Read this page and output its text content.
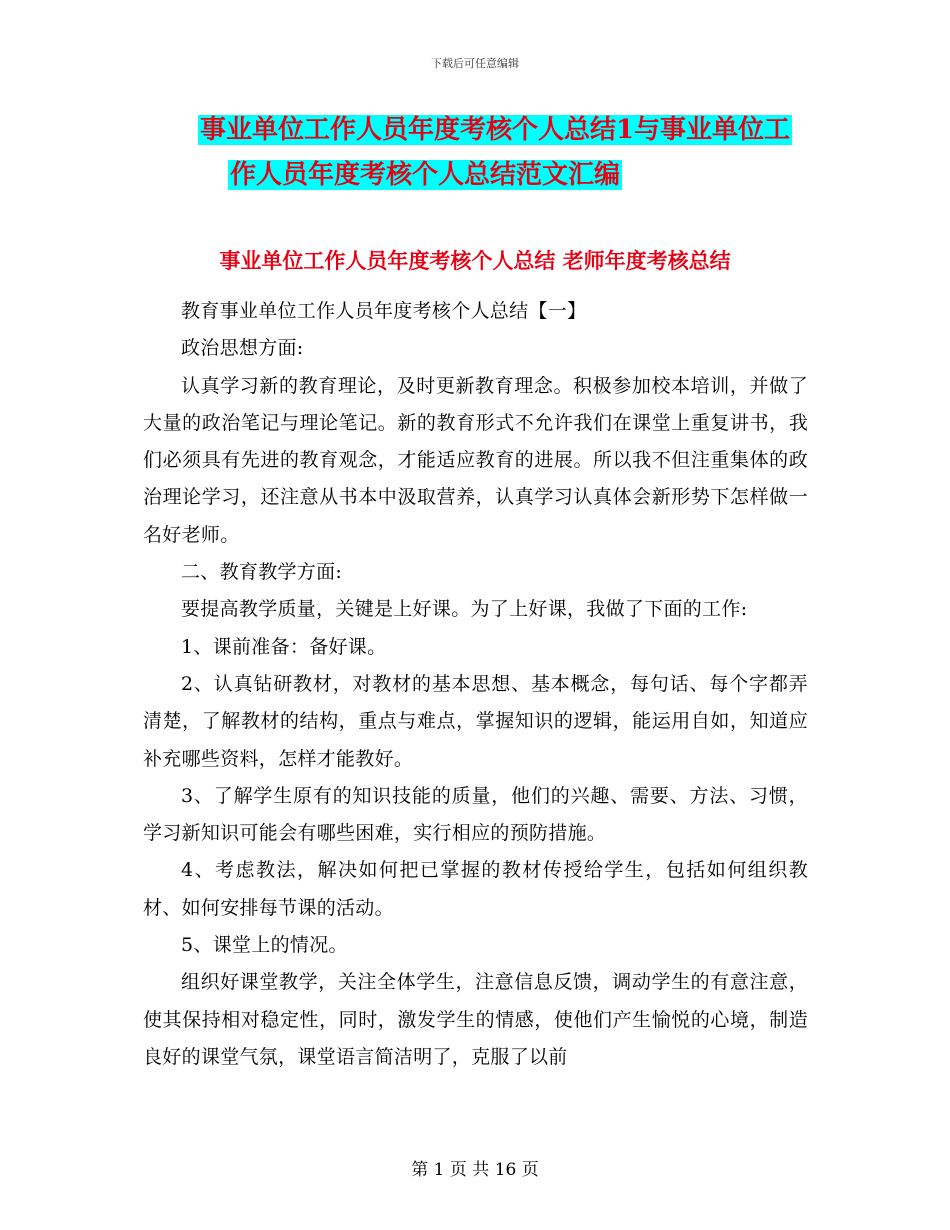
下载后可任意编辑
事业单位工作人员年度考核个人总结1与事业单位工
作人员年度考核个人总结范文汇编
事业单位工作人员年度考核个人总结 老师年度考核总结

教育事业单位工作人员年度考核个人总结【一】

政治思想方面:

认真学习新的教育理论，及时更新教育理念。积极参加校本培训，并做了大量的政治笔记与理论笔记。新的教育形式不允许我们在课堂上重复讲书，我们必须具有先进的教育观念，才能适应教育的进展。所以我不但注重集体的政治理论学习，还注意从书本中汲取营养，认真学习认真体会新形势下怎样做一名好老师。

二、教育教学方面:

要提高教学质量，关键是上好课。为了上好课，我做了下面的工作:

1、课前准备：备好课。

2、认真钻研教材，对教材的基本思想、基本概念，每句话、每个字都弄清楚，了解教材的结构，重点与难点，掌握知识的逻辑，能运用自如，知道应补充哪些资料，怎样才能教好。

3、了解学生原有的知识技能的质量，他们的兴趣、需要、方法、习惯，学习新知识可能会有哪些困难，实行相应的预防措施。

4、考虑教法，解决如何把已掌握的教材传授给学生，包括如何组织教材、如何安排每节课的活动。

5、课堂上的情况。

组织好课堂教学，关注全体学生，注意信息反馈，调动学生的有意注意，使其保持相对稳定性，同时，激发学生的情感，使他们产生愉悦的心境，制造良好的课堂气氛，课堂语言简洁明了，克服了以前

第 1 页 共 16 页
